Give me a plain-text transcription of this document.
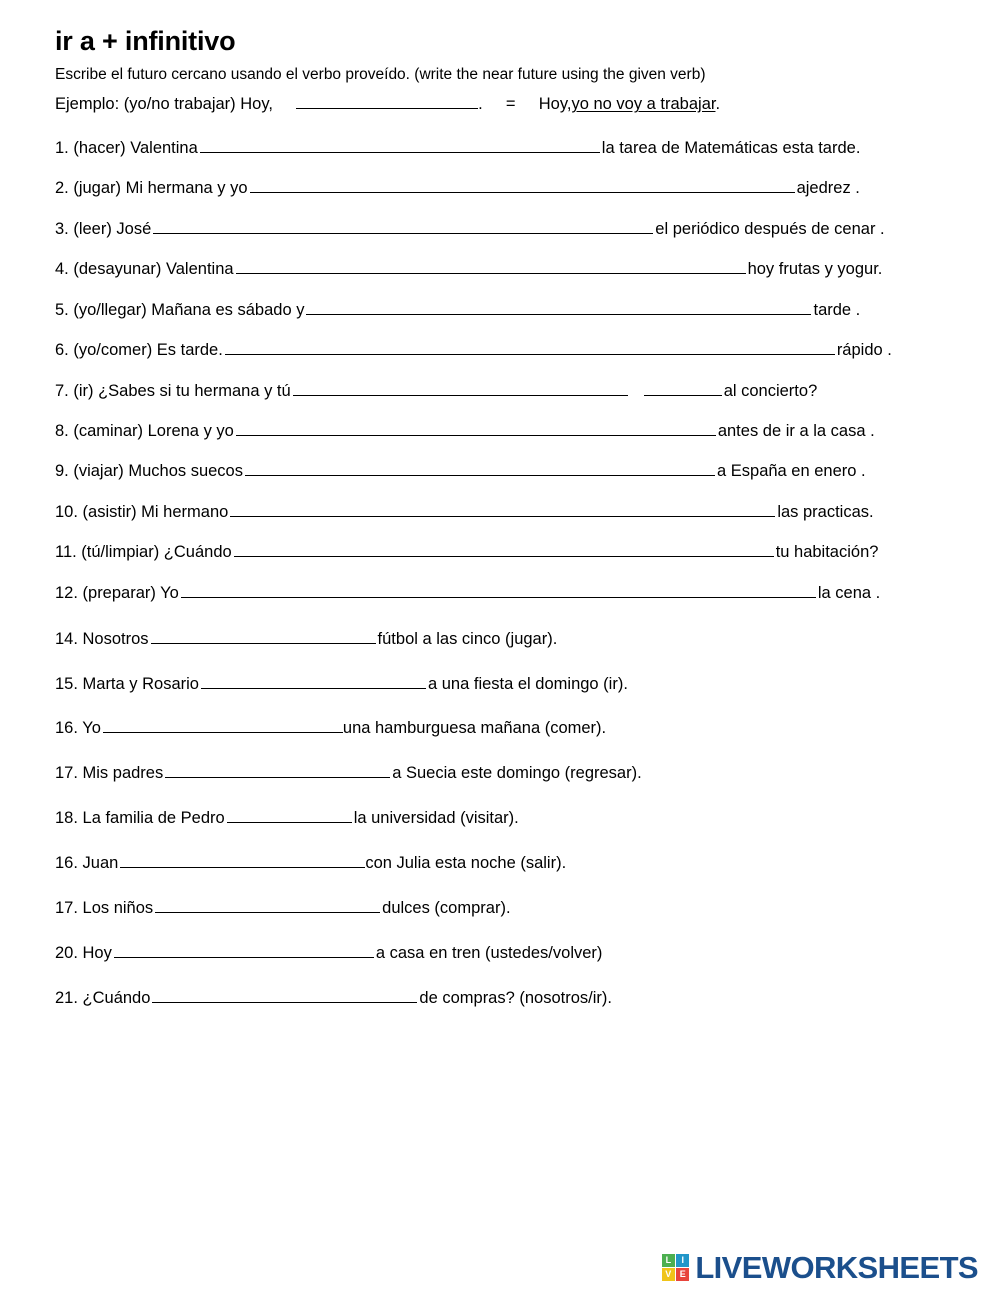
ir a + infinitivo

Escribe el futuro cercano usando el verbo proveído. (write the near future using the given verb)

Ejemplo: (yo/no trabajar) Hoy,	. = Hoy,yo no voy a trabajar.

1. (hacer) Valentina	la tarea de Matemáticas esta tarde.
2. (jugar) Mi hermana y yo	ajedrez .
3. (leer) José	el periódico después de cenar .
4. (desayunar) Valentina	hoy frutas y yogur.
5. (yo/llegar) Mañana es sábado y	tarde .
6. (yo/comer) Es tarde.	rápido .
7. (ir) ¿Sabes si tu hermana y tú	al concierto?
8. (caminar) Lorena y yo	antes de ir a la casa .
9. (viajar) Muchos suecos	a España en enero .
10. (asistir) Mi hermano	las practicas.
11. (tú/limpiar) ¿Cuándo	tu habitación?
12. (preparar) Yo	la cena .
14. Nosotros	fútbol a las cinco (jugar).
15. Marta y Rosario	a una fiesta el domingo (ir).
16. Yo	una hamburguesa mañana (comer).
17. Mis padres	a Suecia este domingo (regresar).
18. La familia de Pedro	la universidad (visitar).
16. Juan	con Julia esta noche (salir).
17. Los niños	dulces (comprar).
20. Hoy	a casa en tren (ustedes/volver)
21. ¿Cuándo	de compras? (nosotros/ir).
L	I
V E LIVEWORKSHEETS
